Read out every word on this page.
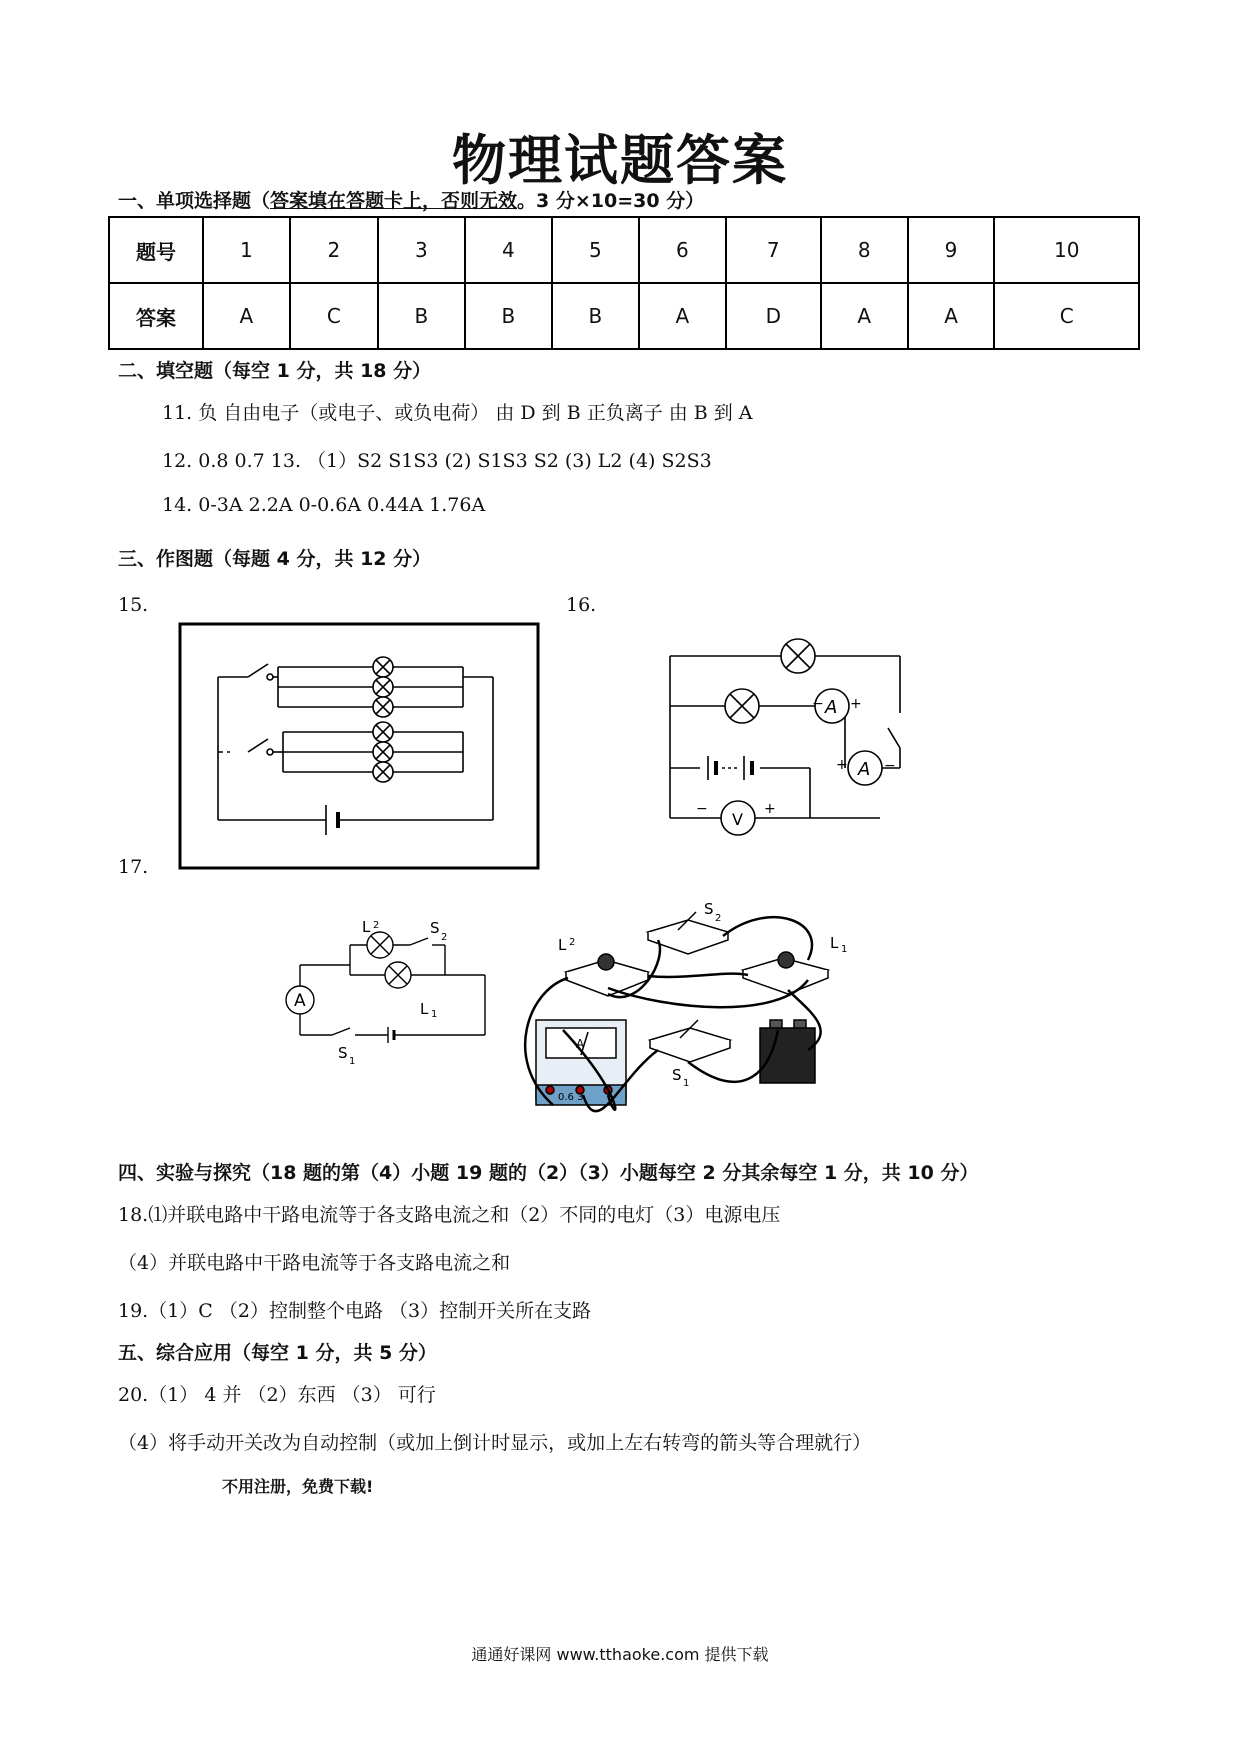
物理试题答案
一、单项选择题（答案填在答题卡上，否则无效。3 分×10=30 分）
题号	1	2	3	4	5	6	7	8	9	10
答案	A	C	B	B	B	A	D	A	A	C
二、填空题（每空 1 分，共 18 分）
11. 负 自由电子（或电子、或负电荷） 由 D 到 B 正负离子 由 B 到 A
12. 0.8 0.7 13. （1）S2 S1S3 (2) S1S3 S2 (3) L2 (4) S2S3
14. 0-3A 2.2A 0-0.6A 0.44A 1.76A
三、作图题（每题 4 分，共 12 分）
15.	16.
17.
A
A
V
− +
+	−
−	+
A
L 2	S
2
L 1
S 1
L 2
S
2
L 1
S 1
A
0.6 3
四、实验与探究（18 题的第（4）小题 19 题的（2）（3）小题每空 2 分其余每空 1 分，共 10 分）
18.⑴并联电路中干路电流等于各支路电流之和（2）不同的电灯（3）电源电压
（4）并联电路中干路电流等于各支路电流之和
19.（1）C （2）控制整个电路 （3）控制开关所在支路
五、综合应用（每空 1 分，共 5 分）
20.（1） 4 并 （2）东西 （3） 可行
（4）将手动开关改为自动控制（或加上倒计时显示，或加上左右转弯的箭头等合理就行）
不用注册，免费下载!
通通好课网 www.tthaoke.com 提供下载
